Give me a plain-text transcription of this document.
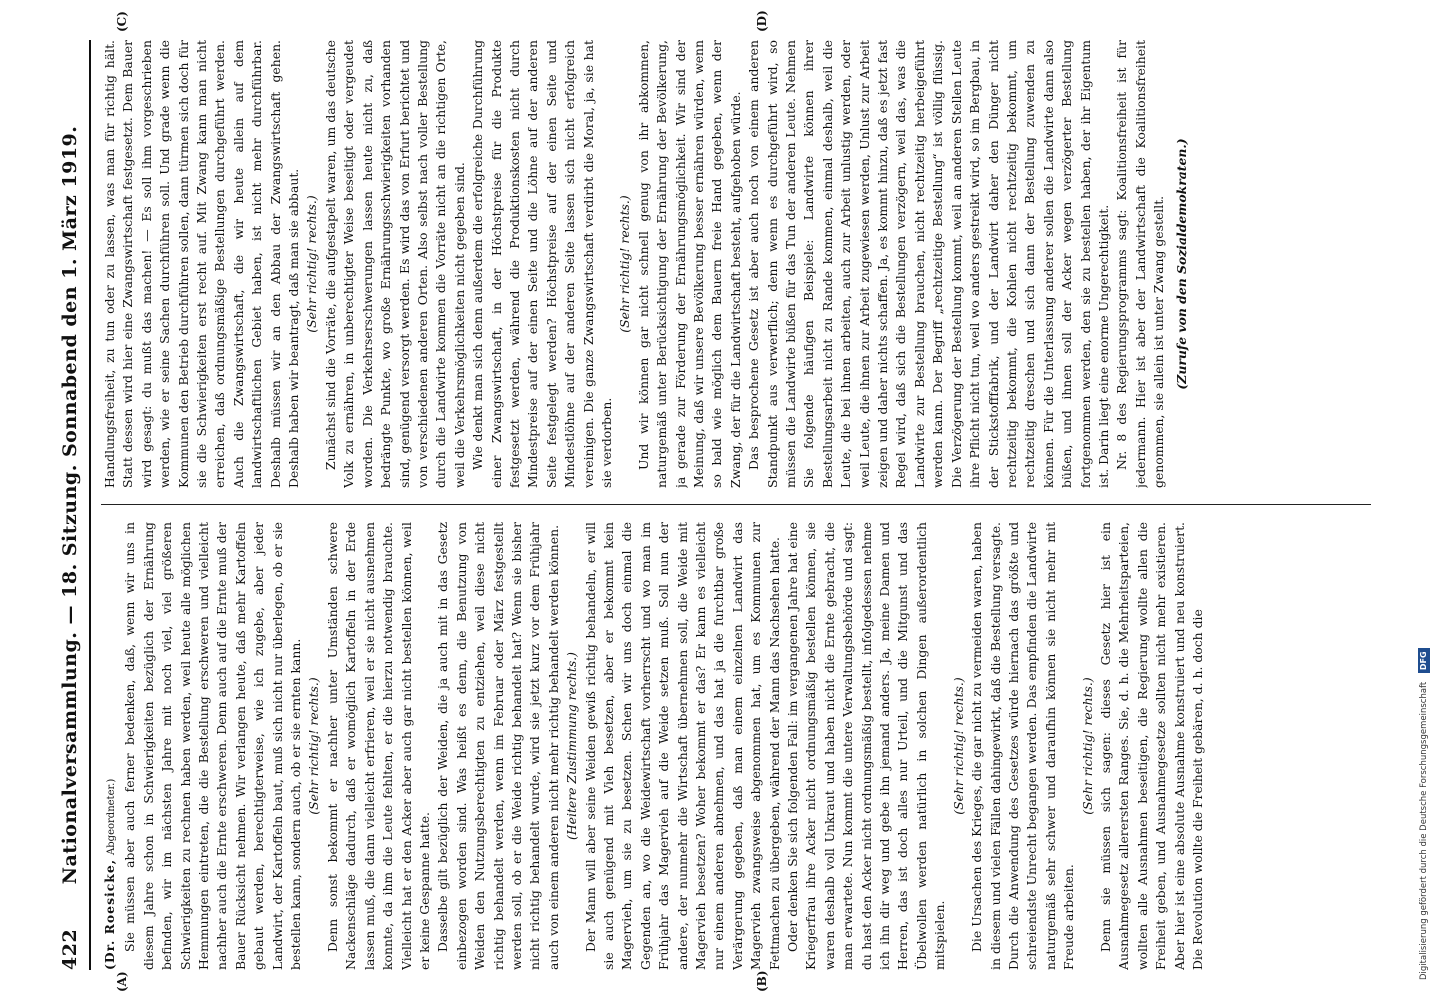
422
Nationalversammlung. — 18. Sitzung. Sonnabend den 1. März 1919.
(A)	(B)
(C)	(D)

(Dr. Roesicke, Abgeordneter.) Sie müssen aber auch ferner bedenken, daß, wenn wir uns in diesem Jahre schon in Schwierigkeiten bezüglich der Ernährung befinden, wir im nächsten Jahre mit noch viel, viel größeren Schwierigkeiten zu rechnen haben werden, weil heute alle möglichen Hemmungen eintreten, die die Bestellung erschweren und vielleicht nachher auch die Ernte erschweren. Denn auch auf die Ernte muß der Bauer Rücksicht nehmen. Wir verlangen heute, daß mehr Kartoffeln gebaut werden, berechtigterweise, wie ich zugebe, aber jeder Landwirt, der Kartoffeln baut, muß sich nicht nur überlegen, ob er sie bestellen kann, sondern auch, ob er sie ernten kann. (Sehr richtig! rechts.) Denn sonst bekommt er nachher unter Umständen schwere Nackenschläge dadurch, daß er womöglich Kartoffeln in der Erde lassen muß, die dann vielleicht erfrieren, weil er sie nicht ausnehmen konnte, da ihm die Leute fehlten, er die hierzu notwendig brauchte. Vielleicht hat er den Acker aber auch gar nicht bestellen können, weil er keine Gespanne hatte. Dasselbe gilt bezüglich der Weiden, die ja auch mit in das Gesetz einbezogen worden sind. Was heißt es denn, die Benutzung von Weiden den Nutzungsberechtigten zu entziehen, weil diese nicht richtig behandelt werden, wenn im Februar oder März festgestellt werden soll, ob er die Weide richtig behandelt hat? Wenn sie bisher nicht richtig behandelt wurde, wird sie jetzt kurz vor dem Frühjahr auch von einem anderen nicht mehr richtig behandelt werden können. (Heitere Zustimmung rechts.) Der Mann will aber seine Weiden gewiß richtig behandeln, er will sie auch genügend mit Vieh besetzen, aber er bekommt kein Magervieh, um sie zu besetzen. Schen wir uns doch einmal die Gegenden an, wo die Weidewirtschaft vorherrscht und wo man im Frühjahr das Magervieh auf die Weide setzen muß. Soll nun der andere, der nunmehr die Wirtschaft übernehmen soll, die Weide mit Magervieh besetzen? Woher bekommt er das? Er kann es vielleicht nur einem anderen abnehmen, und das hat ja die furchtbar große Verärgerung gegeben, daß man einem einzelnen Landwirt das Magervieh zwangsweise abgenommen hat, um es Kommunen zur Fettmachen zu übergeben, während der Mann das Nachsehen hatte. Oder denken Sie sich folgenden Fall: im vergangenen Jahre hat eine Kriegerfrau ihre Acker nicht ordnungsmäßig bestellen können, sie waren deshalb voll Unkraut und haben nicht die Ernte gebracht, die man erwartete. Nun kommt die untere Verwaltungsbehörde und sagt: du hast den Acker nicht ordnungsmäßig bestellt, infolgedessen nehme ich ihn dir weg und gebe ihn jemand anders. Ja, meine Damen und Herren, das ist doch alles nur Urteil, und die Mitgunst und das Übelwollen werden natürlich in solchen Dingen außerordentlich mitspielen.

(Sehr richtig! rechts.) Die Ursachen des Krieges, die gar nicht zu vermeiden waren, haben in diesem und vielen Fällen dahingewirkt, daß die Bestellung versagte. Durch die Anwendung des Gesetzes würde hiernach das größte und schreiendste Unrecht begangen werden. Das empfinden die Landwirte naturgemäß sehr schwer und daraufhin können sie nicht mehr mit Freude arbeiten.

(Sehr richtig! rechts.) Denn sie müssen sich sagen: dieses Gesetz hier ist ein Ausnahmegesetz allerersten Ranges. Sie, d. h. die Mehrheitsparteien, wollten alle Ausnahmen beseitigen, die Regierung wollte allen die Freiheit geben, und Ausnahmegesetze sollten nicht mehr existieren. Aber hier ist eine absolute Ausnahme konstruiert und neu konstruiert. Die Revolution wollte die Freiheit gebären, d. h. doch die

Handlungsfreiheit, zu tun oder zu lassen, was man für richtig hält. Statt dessen wird hier eine Zwangswirtschaft festgesetzt. Dem Bauer wird gesagt: du mußt das machen! — Es soll ihm vorgeschrieben werden, wie er seine Sachen durchführen soll. Und grade wenn die Kommunen den Betrieb durchführen sollen, dann türmen sich doch für sie die Schwierigkeiten erst recht auf. Mit Zwang kann man nicht erreichen, daß ordnungsmäßige Bestellungen durchgeführt werden. Auch die Zwangswirtschaft, die wir heute allein auf dem landwirtschaftlichen Gebiet haben, ist nicht mehr durchführbar. Deshalb müssen wir an den Abbau der Zwangswirtschaft gehen. Deshalb haben wir beantragt, daß man sie abbaut. (Sehr richtig! rechts.) Zunächst sind die Vorräte, die aufgestapelt waren, um das deutsche Volk zu ernähren, in unberechtigter Weise beseitigt oder vergeudet worden. Die Verkehrserschwerungen lassen heute nicht zu, daß bedrängte Punkte, wo große Ernährungsschwierigkeiten vorhanden sind, genügend versorgt werden. Es wird das von Erfurt berichtet und von verschiedenen anderen Orten. Also selbst nach voller Bestellung durch die Landwirte kommen die Vorräte nicht an die richtigen Orte, weil die Verkehrsmöglichkeiten nicht gegeben sind. Wie denkt man sich denn außerdem die erfolgreiche Durchführung einer Zwangswirtschaft, in der Höchstpreise für die Produkte festgesetzt werden, während die Produktionskosten nicht durch Mindestpreise auf der einen Seite und die Löhne auf der anderen Seite festgelegt werden? Höchstpreise auf der einen Seite und Mindestlöhne auf der anderen Seite lassen sich nicht erfolgreich vereinigen. Die ganze Zwangswirtschaft verdirbt die Moral, ja, sie hat sie verdorben.

(Sehr richtig! rechts.) Und wir können gar nicht schnell genug von ihr abkommen, naturgemäß unter Berücksichtigung der Ernährung der Bevölkerung, ja gerade zur Förderung der Ernährungsmöglichkeit. Wir sind der Meinung, daß wir unsere Bevölkerung besser ernähren würden, wenn so bald wie möglich dem Bauern freie Hand gegeben, wenn der Zwang, der für die Landwirtschaft besteht, aufgehoben würde. Das besprochene Gesetz ist aber auch noch von einem anderen Standpunkt aus verwerflich; denn wenn es durchgeführt wird, so müssen die Landwirte büßen für das Tun der anderen Leute. Nehmen Sie folgende häufigen Beispiele: Landwirte können ihrer Bestellungsarbeit nicht zu Rande kommen, einmal deshalb, weil die Leute, die bei ihnen arbeiten, auch zur Arbeit unlustig werden, oder weil Leute, die ihnen zur Arbeit zugewiesen werden, Unlust zur Arbeit zeigen und daher nichts schaffen. Ja, es kommt hinzu, daß es jetzt fast Regel wird, daß sich die Bestellungen verzögern, weil das, was die Landwirte zur Bestellung brauchen, nicht rechtzeitig herbeigeführt werden kann. Der Begriff „rechtzeitige Bestellung“ ist völlig flüssig. Die Verzögerung der Bestellung kommt, weil an anderen Stellen Leute ihre Pflicht nicht tun, weil wo anders gestreikt wird, so im Bergbau, in der Stickstofffabrik, und der Landwirt daher den Dünger nicht rechtzeitig bekommt, die Kohlen nicht rechtzeitig bekommt, um rechtzeitig dreschen und sich dann der Bestellung zuwenden zu können. Für die Unterlassung anderer sollen die Landwirte dann also büßen, und ihnen soll der Acker wegen verzögerter Bestellung fortgenommen werden, den sie zu bestellen haben, der ihr Eigentum ist. Darin liegt eine enorme Ungerechtigkeit. Nr. 8 des Regierungsprogramms sagt: Koalitionsfreiheit ist für jedermann. Hier ist aber der Landwirtschaft die Koalitionsfreiheit genommen, sie allein ist unter Zwang gestellt. (Zurufe von den Sozialdemokraten.)

Digitalisierung gefördert durch die Deutsche Forschungsgemeinschaft DFG
